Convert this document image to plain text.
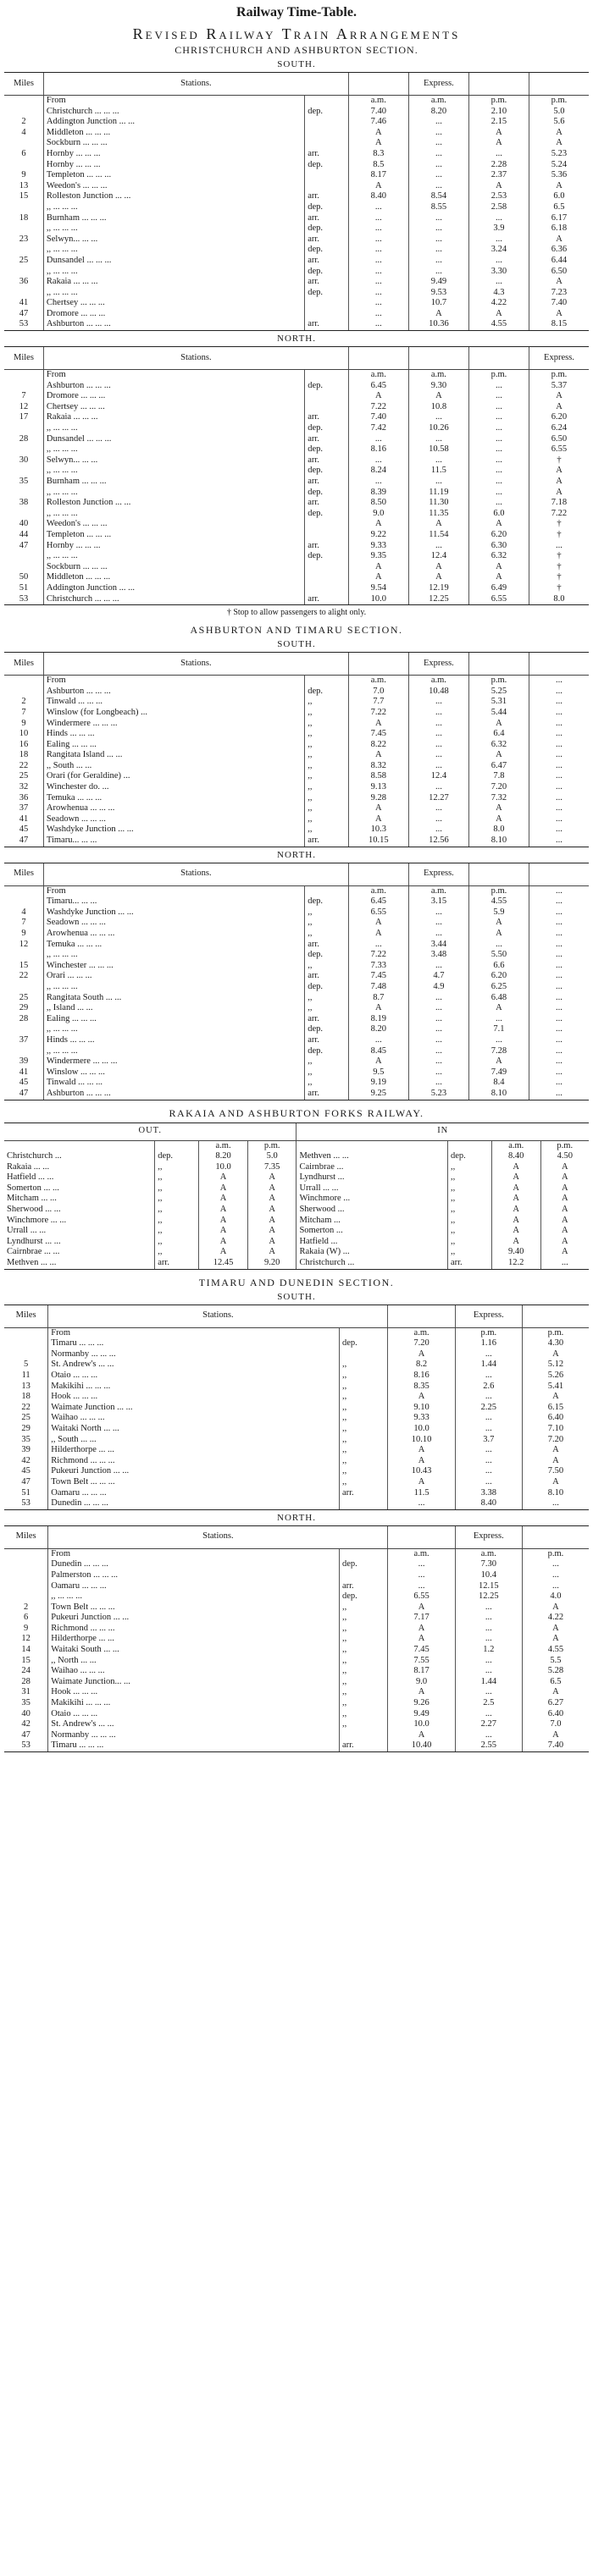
Railway Time-Table.
Revised Railway Train Arrangements
CHRISTCHURCH AND ASHBURTON SECTION.
SOUTH.
Miles	Stations.			Express.		
	From		a.m.	a.m.	p.m.	p.m.
	Christchurch ... ... ...	dep.	7.40	8.20	2.10	5.0
2	Addington Junction ... ...		7.46	...	2.15	5.6
4	Middleton ... ... ...		A	...	A	A
	Sockburn ... ... ...		A	...	A	A
6	Hornby ... ... ...	arr.	8.3	...	...	5.23
	Hornby ... ... ...	dep.	8.5	...	2.28	5.24
9	Templeton ... ... ...		8.17	...	2.37	5.36
13	Weedon's ... ... ...		A	...	A	A
15	Rolleston Junction ... ...	arr.	8.40	8.54	2.53	6.0
	,, ... ... ...	dep.	...	8.55	2.58	6.5
18	Burnham ... ... ...	arr.	...	...	...	6.17
	,, ... ... ...	dep.	...	...	3.9	6.18
23	Selwyn... ... ...	arr.	...	...	...	A
	,, ... ... ...	dep.	...	...	3.24	6.36
25	Dunsandel ... ... ...	arr.	...	...	...	6.44
	,, ... ... ...	dep.	...	...	3.30	6.50
36	Rakaia ... ... ...	arr.	...	9.49	...	A
	,, ... ... ...	dep.	...	9.53	4.3	7.23
41	Chertsey ... ... ...		...	10.7	4.22	7.40
47	Dromore ... ... ...		...	A	A	A
53	Ashburton ... ... ...	arr.	...	10.36	4.55	8.15
NORTH.
Miles	Stations.					Express.
	From		a.m.	a.m.	p.m.	p.m.
	Ashburton ... ... ...	dep.	6.45	9.30	...	5.37
7	Dromore ... ... ...		A	A	...	A
12	Chertsey ... ... ...		7.22	10.8	...	A
17	Rakaia ... ... ...	arr.	7.40	...	...	6.20
	,, ... ... ...	dep.	7.42	10.26	...	6.24
28	Dunsandel ... ... ...	arr.	...	...	...	6.50
	,, ... ... ...	dep.	8.16	10.58	...	6.55
30	Selwyn... ... ...	arr.	...	...	...	†
	,, ... ... ...	dep.	8.24	11.5	...	A
35	Burnham ... ... ...	arr.	...	...	...	A
	,, ... ... ...	dep.	8.39	11.19	...	A
38	Rolleston Junction ... ...	arr.	8.50	11.30	...	7.18
	,, ... ... ...	dep.	9.0	11.35	6.0	7.22
40	Weedon's ... ... ...		A	A	A	†
44	Templeton ... ... ...		9.22	11.54	6.20	†
47	Hornby ... ... ...	arr.	9.33	...	6.30	...
	,, ... ... ...	dep.	9.35	12.4	6.32	†
	Sockburn ... ... ...		A	A	A	†
50	Middleton ... ... ...		A	A	A	†
51	Addington Junction ... ...		9.54	12.19	6.49	†
53	Christchurch ... ... ...	arr.	10.0	12.25	6.55	8.0
† Stop to allow passengers to alight only.
ASHBURTON AND TIMARU SECTION.
SOUTH.
Miles	Stations.			Express.		
	From		a.m.	a.m.	p.m.	...
	Ashburton ... ... ...	dep.	7.0	10.48	5.25	...
2	Tinwald ... ... ...	,,	7.7	...	5.31	...
7	Winslow (for Longbeach) ...	,,	7.22	...	5.44	...
9	Windermere ... ... ...	,,	A	...	A	...
10	Hinds ... ... ...	,,	7.45	...	6.4	...
16	Ealing ... ... ...	,,	8.22	...	6.32	...
18	Rangitata Island ... ...	,,	A	...	A	...
22	,, South ... ...	,,	8.32	...	6.47	...
25	Orari (for Geraldine) ...	,,	8.58	12.4	7.8	...
32	Winchester do. ...	,,	9.13	...	7.20	...
36	Temuka ... ... ...	,,	9.28	12.27	7.32	...
37	Arowhenua ... ... ...	,,	A	...	A	...
41	Seadown ... ... ...	,,	A	...	A	...
45	Washdyke Junction ... ...	,,	10.3	...	8.0	...
47	Timaru... ... ...	arr.	10.15	12.56	8.10	...
NORTH.
Miles	Stations.			Express.		
	From		a.m.	a.m.	p.m.	...
	Timaru... ... ...	dep.	6.45	3.15	4.55	...
4	Washdyke Junction ... ...	,,	6.55	...	5.9	...
7	Seadown ... ... ...	,,	A	...	A	...
9	Arowhenua ... ... ...	,,	A	...	A	...
12	Temuka ... ... ...	arr.	...	3.44	...	...
	,, ... ... ...	dep.	7.22	3.48	5.50	...
15	Winchester ... ... ...	,,	7.33	...	6.6	...
22	Orari ... ... ...	arr.	7.45	4.7	6.20	...
	,, ... ... ...	dep.	7.48	4.9	6.25	...
25	Rangitata South ... ...	,,	8.7	...	6.48	...
29	,, Island ... ...	,,	A	...	A	...
28	Ealing ... ... ...	arr.	8.19	...	...	...
	,, ... ... ...	dep.	8.20	...	7.1	...
37	Hinds ... ... ...	arr.	...	...	...	...
	,, ... ... ...	dep.	8.45	...	7.28	...
39	Windermere ... ... ...	,,	A	...	A	...
41	Winslow ... ... ...	,,	9.5	...	7.49	...
45	Tinwald ... ... ...	,,	9.19	...	8.4	...
47	Ashburton ... ... ...	arr.	9.25	5.23	8.10	...
RAKAIA AND ASHBURTON FORKS RAILWAY.
OUT.				IN			
		a.m.	p.m.			a.m.	p.m.
Christchurch ...	dep.	8.20	5.0	Methven ... ...	dep.	8.40	4.50
Rakaia ... ...	,,	10.0	7.35	Cairnbrae ...	,,	A	A
Hatfield ... ...	,,	A	A	Lyndhurst ...	,,	A	A
Somerton ... ...	,,	A	A	Urrall ... ...	,,	A	A
Mitcham ... ...	,,	A	A	Winchmore ...	,,	A	A
Sherwood ... ...	,,	A	A	Sherwood ...	,,	A	A
Winchmore ... ...	,,	A	A	Mitcham ...	,,	A	A
Urrall ... ...	,,	A	A	Somerton ...	,,	A	A
Lyndhurst ... ...	,,	A	A	Hatfield ...	,,	A	A
Cairnbrae ... ...	,,	A	A	Rakaia (W) ...	,,	9.40	A
Methven ... ...	arr.	12.45	9.20	Christchurch ...	arr.	12.2	...
TIMARU AND DUNEDIN SECTION.
SOUTH.
Miles	Stations.			Express.	
	From		a.m.	p.m.	p.m.
	Timaru ... ... ...	dep.	7.20	1.16	4.30
	Normanby ... ... ...		A	...	A
5	St. Andrew's ... ...	,,	8.2	1.44	5.12
11	Otaio ... ... ...	,,	8.16	...	5.26
13	Makikihi ... ... ...	,,	8.35	2.6	5.41
18	Hook ... ... ...	,,	A	...	A
22	Waimate Junction ... ...	,,	9.10	2.25	6.15
25	Waihao ... ... ...	,,	9.33	...	6.40
29	Waitaki North ... ...	,,	10.0	...	7.10
35	,, South ... ...	,,	10.10	3.7	7.20
39	Hilderthorpe ... ...	,,	A	...	A
42	Richmond ... ... ...	,,	A	...	A
45	Pukeuri Junction ... ...	,,	10.43	...	7.50
47	Town Belt ... ... ...	,,	A	...	A
51	Oamaru ... ... ...	arr.	11.5	3.38	8.10
53	Dunedin ... ... ...		...	8.40	...
NORTH.
Miles	Stations.			Express.	
	From		a.m.	a.m.	p.m.
	Dunedin ... ... ...	dep.	...	7.30	...
	Palmerston ... ... ...		...	10.4	...
	Oamaru ... ... ...	arr.	...	12.15	...
	,, ... ... ...	dep.	6.55	12.25	4.0
2	Town Belt ... ... ...	,,	A	...	A
6	Pukeuri Junction ... ...	,,	7.17	...	4.22
9	Richmond ... ... ...	,,	A	...	A
12	Hilderthorpe ... ...	,,	A	...	A
14	Waitaki South ... ...	,,	7.45	1.2	4.55
15	,, North ... ...	,,	7.55	...	5.5
24	Waihao ... ... ...	,,	8.17	...	5.28
28	Waimate Junction... ...	,,	9.0	1.44	6.5
31	Hook ... ... ...	,,	A	...	A
35	Makikihi ... ... ...	,,	9.26	2.5	6.27
40	Otaio ... ... ...	,,	9.49	...	6.40
42	St. Andrew's ... ...	,,	10.0	2.27	7.0
47	Normanby ... ... ...		A	...	A
53	Timaru ... ... ...	arr.	10.40	2.55	7.40
